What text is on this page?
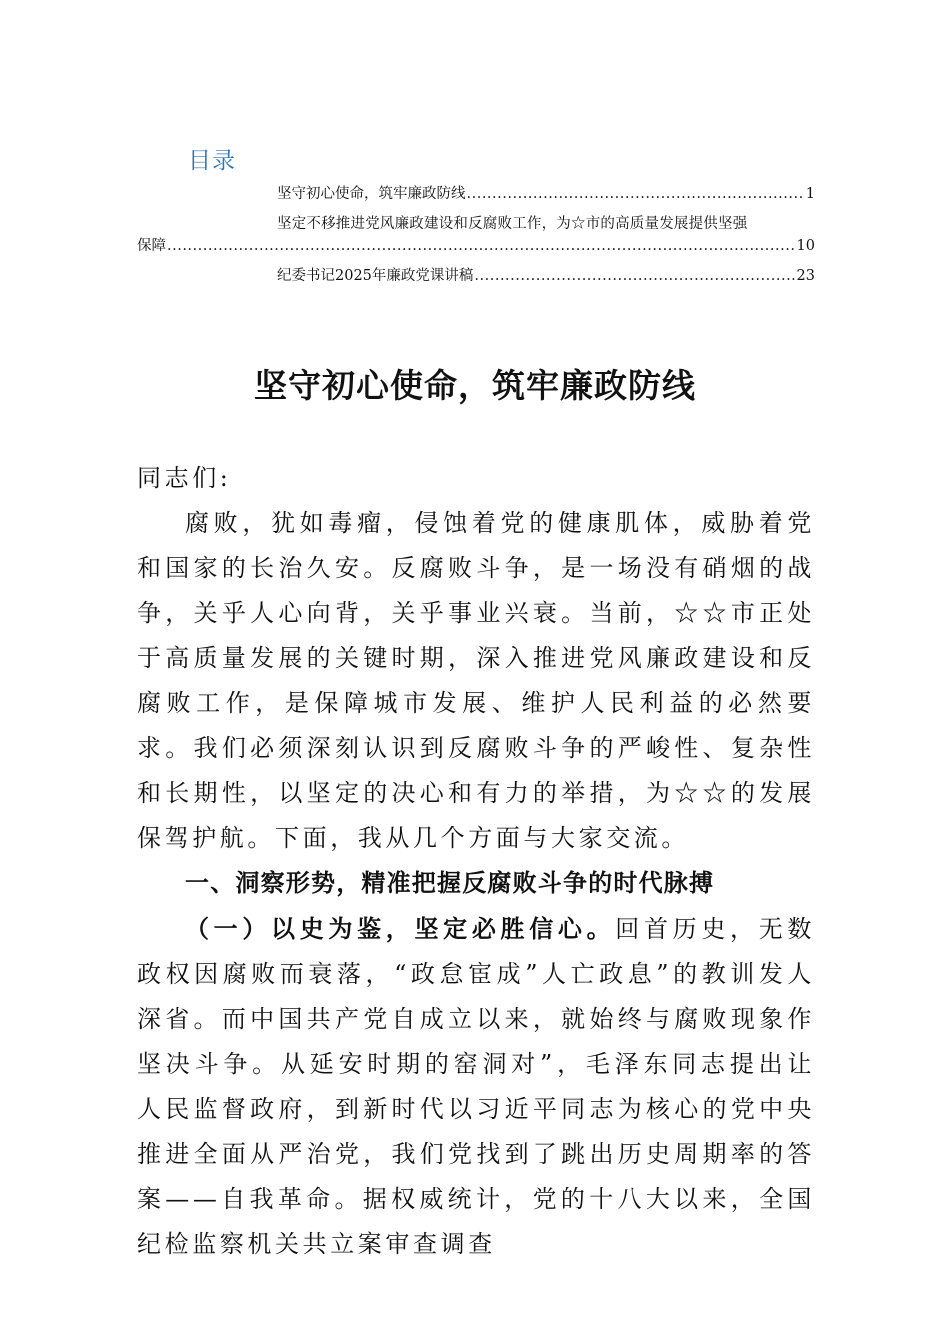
目录
坚守初心使命，筑牢廉政防线 .....	1
坚定不移推进党风廉政建设和反腐败工作，为☆市的高质量发展提供坚强
保障 .....	10
纪委书记2025年廉政党课讲稿 .....	23
坚守初心使命，筑牢廉政防线

同志们:

腐败，犹如毒瘤，侵蚀着党的健康肌体，威胁着党和国家的长治久安。反腐败斗争，是一场没有硝烟的战争，关乎人心向背，关乎事业兴衰。当前，☆☆市正处于高质量发展的关键时期，深入推进党风廉政建设和反腐败工作，是保障城市发展、维护人民利益的必然要求。我们必须深刻认识到反腐败斗争的严峻性、复杂性和长期性，以坚定的决心和有力的举措，为☆☆的发展保驾护航。下面，我从几个方面与大家交流。

一、洞察形势，精准把握反腐败斗争的时代脉搏

（一）以史为鉴，坚定必胜信心。回首历史，无数政权因腐败而衰落，“政怠宦成”人亡政息”的教训发人深省。而中国共产党自成立以来，就始终与腐败现象作坚决斗争。从延安时期的窑洞对”，毛泽东同志提出让人民监督政府，到新时代以习近平同志为核心的党中央推进全面从严治党，我们党找到了跳出历史周期率的答案——自我革命。据权威统计，党的十八大以来，全国纪检监察机关共立案审查调查
